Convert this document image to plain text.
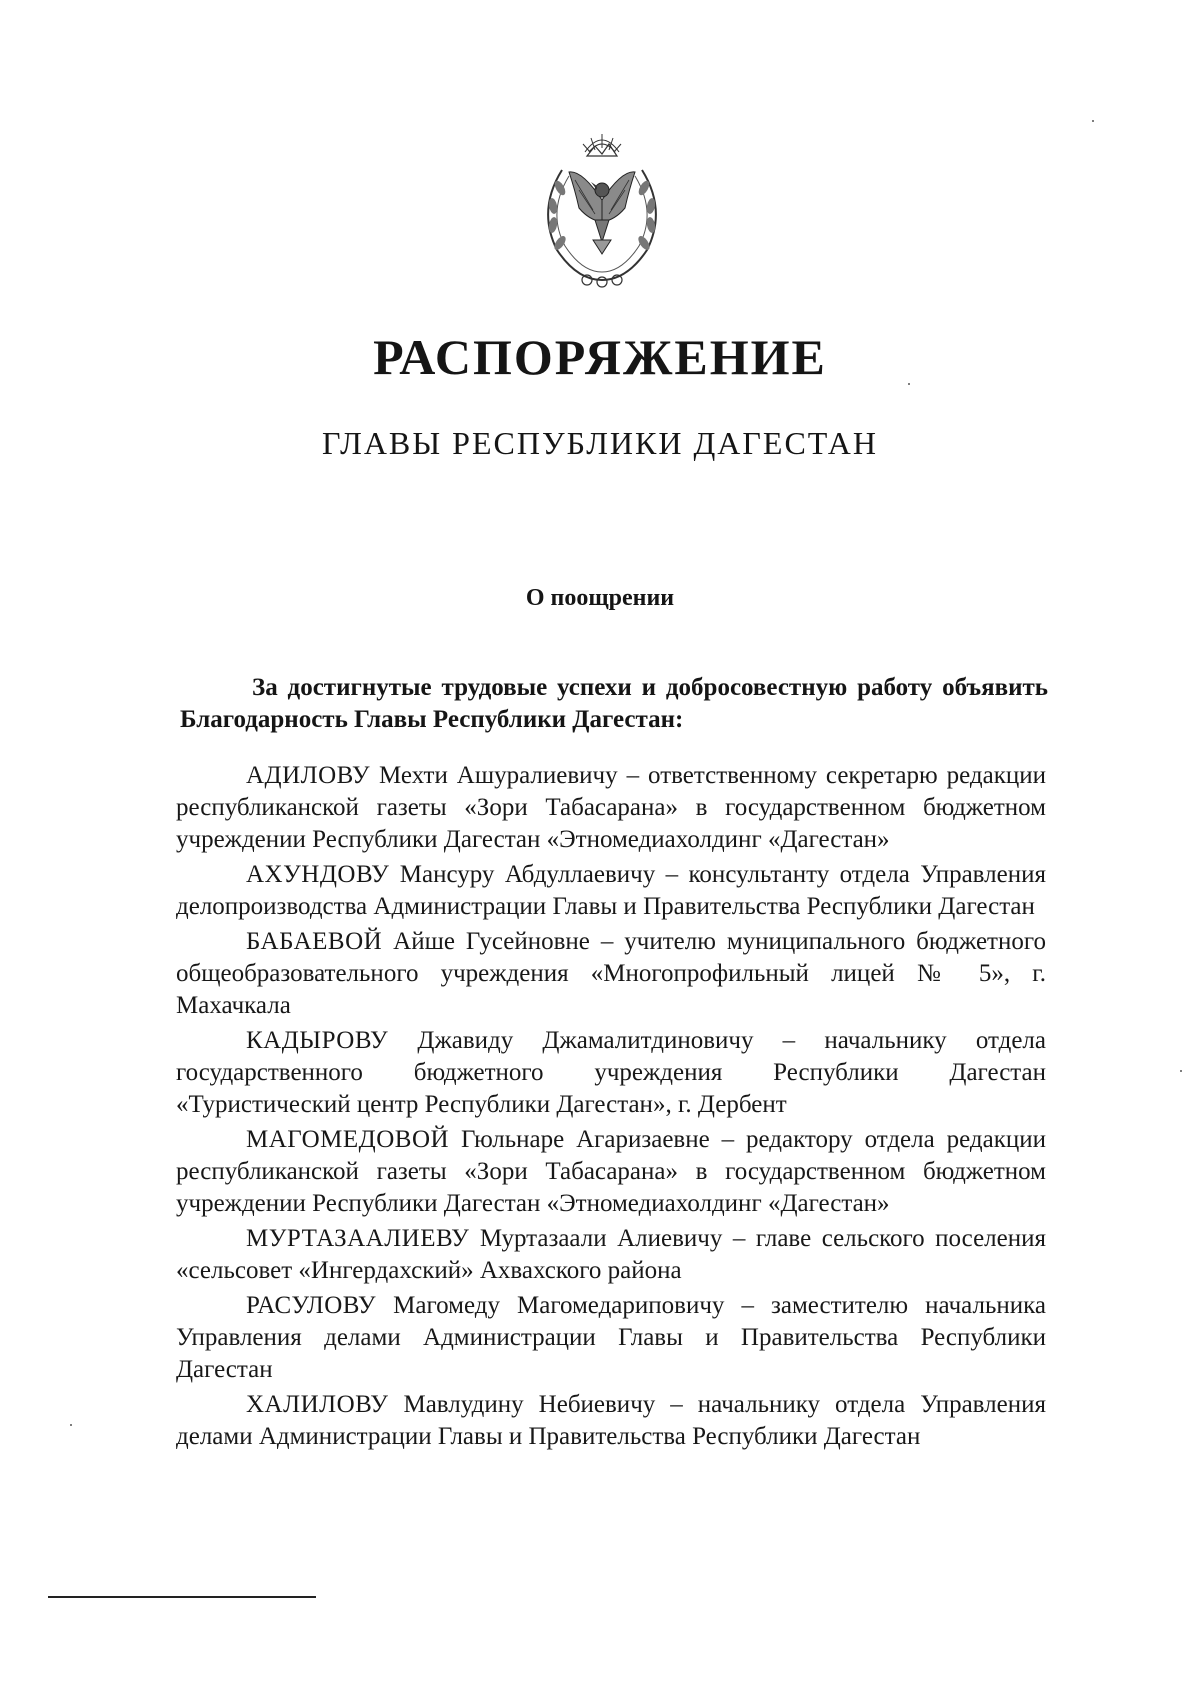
РАСПОРЯЖЕНИЕ
ГЛАВЫ РЕСПУБЛИКИ ДАГЕСТАН
О поощрении
За достигнутые трудовые успехи и добросовестную работу объявить Благодарность Главы Республики Дагестан:

АДИЛОВУ Мехти Ашуралиевичу – ответственному секретарю редакции республиканской газеты «Зори Табасарана» в государственном бюджетном учреждении Республики Дагестан «Этномедиахолдинг «Дагестан»

АХУНДОВУ Мансуру Абдуллаевичу – консультанту отдела Управления делопроизводства Администрации Главы и Правительства Республики Дагестан

БАБАЕВОЙ Айше Гусейновне – учителю муниципального бюджетного общеобразовательного учреждения «Многопрофильный лицей № 5», г. Махачкала

КАДЫРОВУ Джавиду Джамалитдиновичу – начальнику отдела государственного бюджетного учреждения Республики Дагестан «Туристический центр Республики Дагестан», г. Дербент

МАГОМЕДОВОЙ Гюльнаре Агаризаевне – редактору отдела редакции республиканской газеты «Зори Табасарана» в государственном бюджетном учреждении Республики Дагестан «Этномедиахолдинг «Дагестан»

МУРТАЗААЛИЕВУ Муртазаали Алиевичу – главе сельского поселения «сельсовет «Ингердахский» Ахвахского района

РАСУЛОВУ Магомеду Магомедариповичу – заместителю начальника Управления делами Администрации Главы и Правительства Республики Дагестан

ХАЛИЛОВУ Мавлудину Небиевичу – начальнику отдела Управления делами Администрации Главы и Правительства Республики Дагестан
